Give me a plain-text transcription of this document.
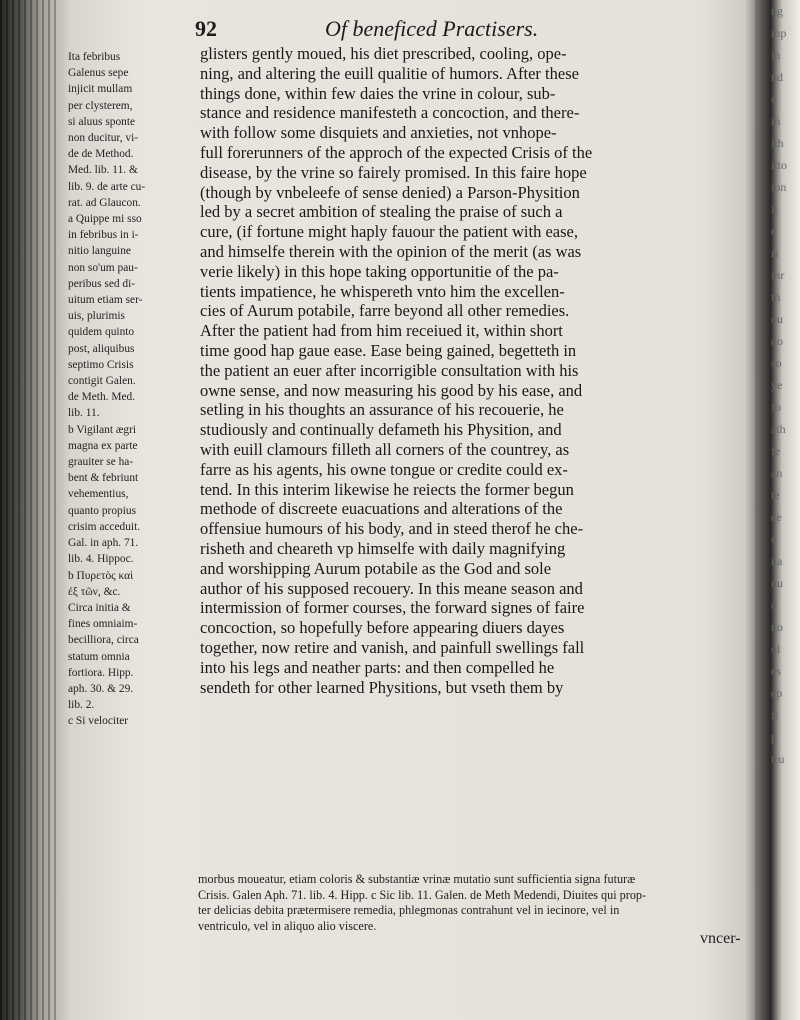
ng
mp
in
nd
e
m
ith
itto
ion
ii
e
ri
inr
th
ou
do
so
ye
fo
ath
fe
an
te
ee
e
na
nu
o
no
ol
es
ep
fi
p
tru
92	Of beneficed Practisers.

Ita febribus

Galenus sepe

injicit mullam

per clysterem,

si aluus sponte

non ducitur, vi-

de de Method.

Med. lib. 11. &

lib. 9. de arte cu-

rat. ad Glaucon.

a Quippe mi sso

in febribus in i-

nitio languine

non so'um pau-

peribus sed di-

uitum etiam ser-

uis, plurimis

quidem quinto

post, aliquibus

septimo Crisis

contigit Galen.

de Meth. Med.

lib. 11.

b Vigilant ægri

magna ex parte

grauiter se ha-

bent & febriunt

vehementius,

quanto propius

crisim acceduit.

Gal. in aph. 71.

lib. 4. Hippoc.

b Πυρετὸς καὶ

ἐξ τῶν, &c.

Circa initia &

fines omniaim-

becilliora, circa

statum omnia

fortiora. Hipp.

aph. 30. & 29.

lib. 2.

c Si velociter

glisters gently moued, his diet prescribed, cooling, ope-

ning, and altering the euill qualitie of humors. After these

things done, within few daies the vrine in colour, sub-

stance and residence manifesteth a concoction, and there-

with follow some disquiets and anxieties, not vnhope-

full forerunners of the approch of the expected Crisis of the

disease, by the vrine so fairely promised. In this faire hope

(though by vnbeleefe of sense denied) a Parson-Physition

led by a secret ambition of stealing the praise of such a

cure, (if fortune might haply fauour the patient with ease,

and himselfe therein with the opinion of the merit (as was

verie likely) in this hope taking opportunitie of the pa-

tients impatience, he whispereth vnto him the excellen-

cies of Aurum potabile, farre beyond all other remedies.

After the patient had from him receiued it, within short

time good hap gaue ease. Ease being gained, begetteth in

the patient an euer after incorrigible consultation with his

owne sense, and now measuring his good by his ease, and

setling in his thoughts an assurance of his recouerie, he

studiously and continually defameth his Physition, and

with euill clamours filleth all corners of the countrey, as

farre as his agents, his owne tongue or credite could ex-

tend. In this interim likewise he reiects the former begun

methode of discreete euacuations and alterations of the

offensiue humours of his body, and in steed therof he che-

risheth and cheareth vp himselfe with daily magnifying

and worshipping Aurum potabile as the God and sole

author of his supposed recouery. In this meane season and

intermission of former courses, the forward signes of faire

concoction, so hopefully before appearing diuers dayes

together, now retire and vanish, and painfull swellings fall

into his legs and neather parts: and then compelled he

sendeth for other learned Physitions, but vseth them by

morbus moueatur, etiam coloris & substantiæ vrinæ mutatio sunt sufficientia signa futuræ

Crisis. Galen Aph. 71. lib. 4. Hipp. c Sic lib. 11. Galen. de Meth Medendi, Diuites qui prop-

ter delicias debita prætermisere remedia, phlegmonas contrahunt vel in iecinore, vel in

ventriculo, vel in aliquo alio viscere.

vncer-
